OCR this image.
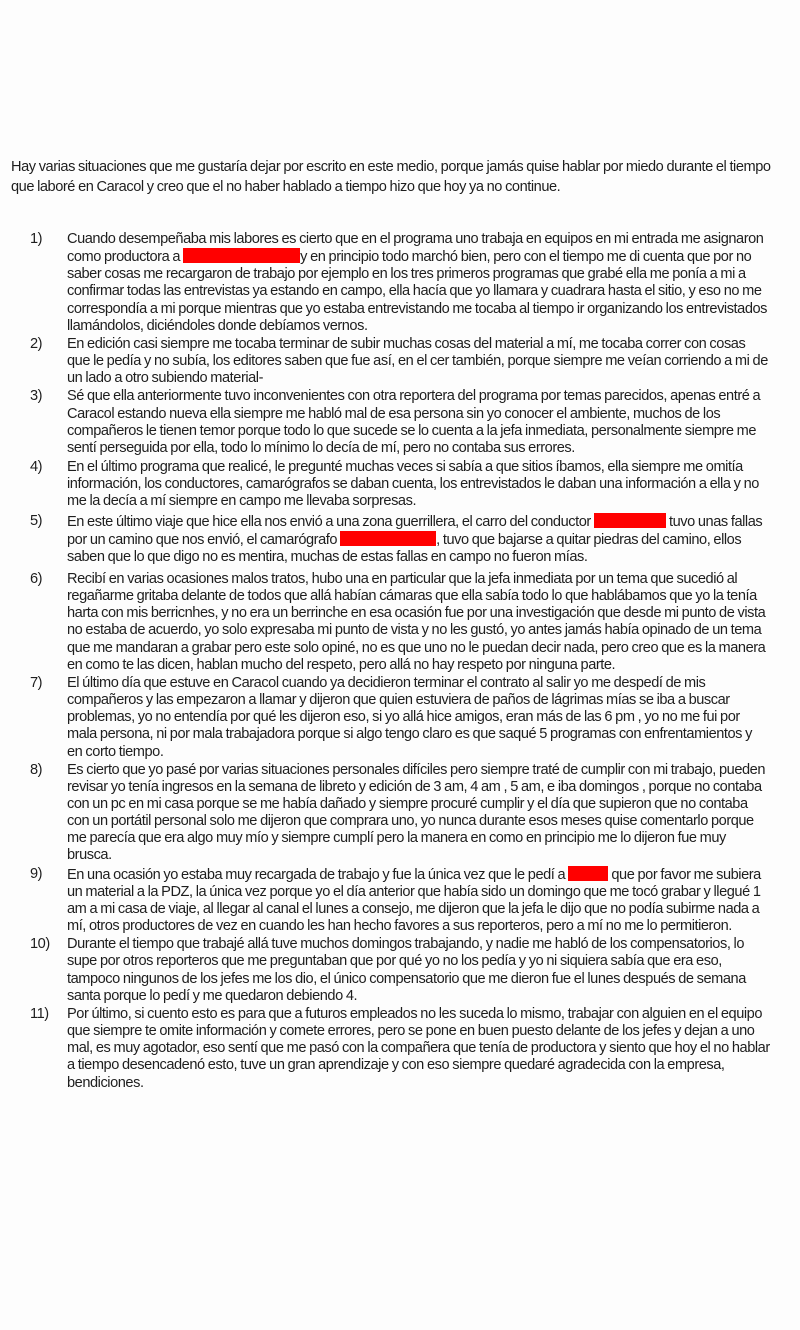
Hay varias situaciones que me gustaría dejar por escrito en este medio, porque jamás quise hablar por miedo durante el tiempo que laboré en Caracol y creo que el no haber hablado a tiempo hizo que hoy ya no continue.

1)	Cuando desempeñaba mis labores es cierto que en el programa uno trabaja en equipos en mi entrada me asignaron como productora a	y en principio todo marchó bien, pero con el tiempo me di cuenta que por no saber cosas me recargaron de trabajo por ejemplo en los tres primeros programas que grabé ella me ponía a mi a confirmar todas las entrevistas ya estando en campo, ella hacía que yo llamara y cuadrara hasta el sitio, y eso no me correspondía a mi porque mientras que yo estaba entrevistando me tocaba al tiempo ir organizando los entrevistados llamándolos, diciéndoles donde debíamos vernos.
2)	En edición casi siempre me tocaba terminar de subir muchas cosas del material a mí, me tocaba correr con cosas que le pedía y no subía, los editores saben que fue así, en el cer también, porque siempre me veían corriendo a mi de un lado a otro subiendo material-
3)	Sé que ella anteriormente tuvo inconvenientes con otra reportera del programa por temas parecidos, apenas entré a Caracol estando nueva ella siempre me habló mal de esa persona sin yo conocer el ambiente, muchos de los compañeros le tienen temor porque todo lo que sucede se lo cuenta a la jefa inmediata, personalmente siempre me sentí perseguida por ella, todo lo mínimo lo decía de mí, pero no contaba sus errores.
4)	En el último programa que realicé, le pregunté muchas veces si sabía a que sitios íbamos, ella siempre me omitía información, los conductores, camarógrafos se daban cuenta, los entrevistados le daban una información a ella y no me la decía a mí siempre en campo me llevaba sorpresas.
5)	En este último viaje que hice ella nos envió a una zona guerrillera, el carro del conductor	tuvo unas fallas por un camino que nos envió, el camarógrafo	, tuvo que bajarse a quitar piedras del camino, ellos saben que lo que digo no es mentira, muchas de estas fallas en campo no fueron mías.
6)	Recibí en varias ocasiones malos tratos, hubo una en particular que la jefa inmediata por un tema que sucedió al regañarme gritaba delante de todos que allá habían cámaras que ella sabía todo lo que hablábamos que yo la tenía harta con mis berricnhes, y no era un berrinche en esa ocasión fue por una investigación que desde mi punto de vista no estaba de acuerdo, yo solo expresaba mi punto de vista y no les gustó, yo antes jamás había opinado de un tema que me mandaran a grabar pero este solo opiné, no es que uno no le puedan decir nada, pero creo que es la manera en como te las dicen, hablan mucho del respeto, pero allá no hay respeto por ninguna parte.
7)	El último día que estuve en Caracol cuando ya decidieron terminar el contrato al salir yo me despedí de mis compañeros y las empezaron a llamar y dijeron que quien estuviera de paños de lágrimas mías se iba a buscar problemas, yo no entendía por qué les dijeron eso, si yo allá hice amigos, eran más de las 6 pm , yo no me fui por mala persona, ni por mala trabajadora porque si algo tengo claro es que saqué 5 programas con enfrentamientos y en corto tiempo.
8)	Es cierto que yo pasé por varias situaciones personales difíciles pero siempre traté de cumplir con mi trabajo, pueden revisar yo tenía ingresos en la semana de libreto y edición de 3 am, 4 am , 5 am, e iba domingos , porque no contaba con un pc en mi casa porque se me había dañado y siempre procuré cumplir y el día que supieron que no contaba con un portátil personal solo me dijeron que comprara uno, yo nunca durante esos meses quise comentarlo porque me parecía que era algo muy mío y siempre cumplí pero la manera en como en principio me lo dijeron fue muy brusca.
9)	En una ocasión yo estaba muy recargada de trabajo y fue la única vez que le pedí a	que por favor me subiera un material a la PDZ, la única vez porque yo el día anterior que había sido un domingo que me tocó grabar y llegué 1 am a mi casa de viaje, al llegar al canal el lunes a consejo, me dijeron que la jefa le dijo que no podía subirme nada a mí, otros productores de vez en cuando les han hecho favores a sus reporteros, pero a mí no me lo permitieron.
10)	Durante el tiempo que trabajé allá tuve muchos domingos trabajando, y nadie me habló de los compensatorios, lo supe por otros reporteros que me preguntaban que por qué yo no los pedía y yo ni siquiera sabía que era eso, tampoco ningunos de los jefes me los dio, el único compensatorio que me dieron fue el lunes después de semana santa porque lo pedí y me quedaron debiendo 4.
11)	Por último, si cuento esto es para que a futuros empleados no les suceda lo mismo, trabajar con alguien en el equipo que siempre te omite información y comete errores, pero se pone en buen puesto delante de los jefes y dejan a uno mal, es muy agotador, eso sentí que me pasó con la compañera que tenía de productora y siento que hoy el no hablar a tiempo desencadenó esto, tuve un gran aprendizaje y con eso siempre quedaré agradecida con la empresa, bendiciones.
